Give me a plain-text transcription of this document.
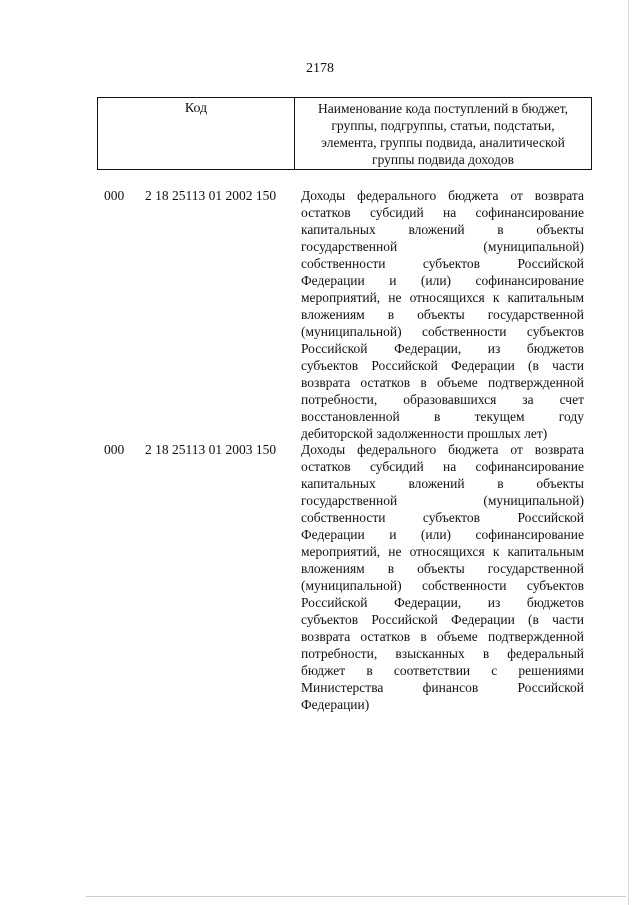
2178
Код	Наименование кода поступлений в бюджет,
группы, подгруппы, статьи, подстатьи,
элемента, группы подвида, аналитической
группы подвида доходов
000 2 18 25113 01 2002 150 Доходы федерального бюджета от возврата
остатков субсидий на софинансирование
капитальных вложений в объекты
государственной (муниципальной)
собственности субъектов Российской
Федерации и (или) софинансирование
мероприятий, не относящихся к капитальным
вложениям в объекты государственной
(муниципальной) собственности субъектов
Российской Федерации, из бюджетов
субъектов Российской Федерации (в части
возврата остатков в объеме подтвержденной
потребности, образовавшихся за счет
восстановленной в текущем году
дебиторской задолженности прошлых лет)
000 2 18 25113 01 2003 150 Доходы федерального бюджета от возврата
остатков субсидий на софинансирование
капитальных вложений в объекты
государственной (муниципальной)
собственности субъектов Российской
Федерации и (или) софинансирование
мероприятий, не относящихся к капитальным
вложениям в объекты государственной
(муниципальной) собственности субъектов
Российской Федерации, из бюджетов
субъектов Российской Федерации (в части
возврата остатков в объеме подтвержденной
потребности, взысканных в федеральный
бюджет в соответствии с решениями
Министерства финансов Российской
Федерации)
